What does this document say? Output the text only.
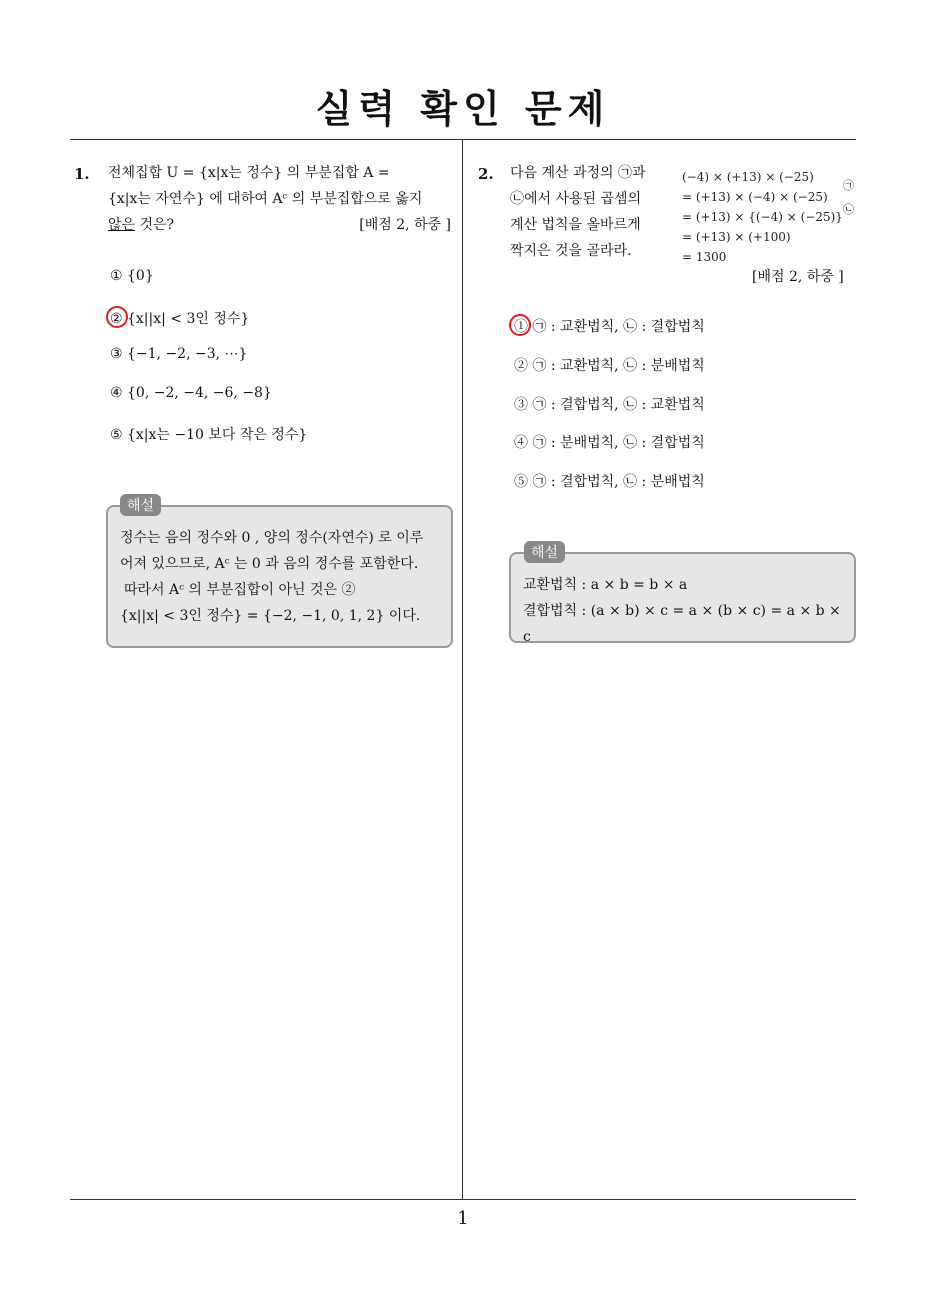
실력 확인 문제
1
1. 전체집합 U = {x|x는 정수} 의 부분집합 A =
{x|x는 자연수} 에 대하여 Aᶜ 의 부분집합으로 옳지
않은 것은?	[배점 2, 하중 ]
① {0}
② {x||x| < 3인 정수}
③ {−1, −2, −3, ⋯}
④ {0, −2, −4, −6, −8}
⑤ {x|x는 −10 보다 작은 정수}
정수는 음의 정수와 0 , 양의 정수(자연수) 로 이루
어져 있으므로, Aᶜ 는 0 과 음의 정수를 포함한다.
따라서 Aᶜ 의 부분집합이 아닌 것은 ②
{x||x| < 3인 정수} = {−2, −1, 0, 1, 2} 이다.
해설
2. 다음 계산 과정의 ㉠과
㉡에서 사용된 곱셈의
계산 법칙을 올바르게
짝지은 것을 골라라.
(−4) × (+13) × (−25)
= (+13) × (−4) × (−25)
= (+13) × {(−4) × (−25)}
= (+13) × (+100)
= 1300
㉠
㉡
[배점 2, 하중 ]
① ㉠ : 교환법칙, ㉡ : 결합법칙
② ㉠ : 교환법칙, ㉡ : 분배법칙
③ ㉠ : 결합법칙, ㉡ : 교환법칙
④ ㉠ : 분배법칙, ㉡ : 결합법칙
⑤ ㉠ : 결합법칙, ㉡ : 분배법칙
교환법칙 : a × b = b × a
결합법칙 : (a × b) × c = a × (b × c) = a × b × c
해설
